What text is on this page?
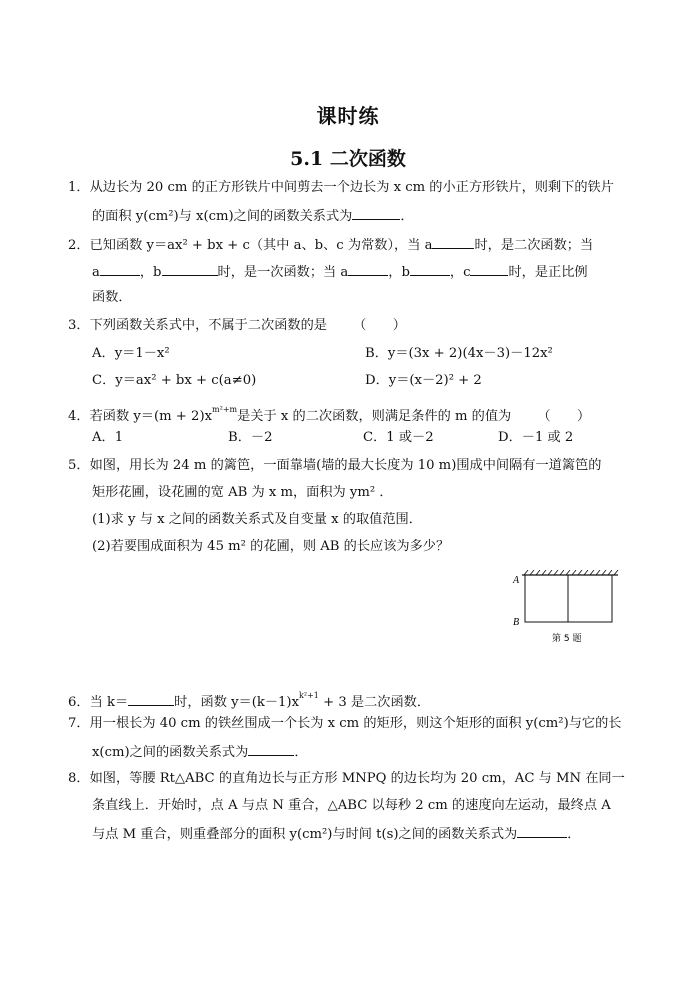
课时练
5.1 二次函数
1．从边长为 20 cm 的正方形铁片中间剪去一个边长为 x cm 的小正方形铁片，则剩下的铁片
的面积 y(cm²)与 x(cm)之间的函数关系式为	．
2．已知函数 y＝ax² + bx + c（其中 a、b、c 为常数），当 a	时，是二次函数；当
a	，b	时，是一次函数；当 a	，b	，c	时，是正比例
函数．
3．下列函数关系式中，不属于二次函数的是 （　　）
A．y＝1－x²	B．y＝(3x + 2)(4x－3)－12x²
C．y＝ax² + bx + c(a≠0)	D．y＝(x－2)² + 2
4．若函数 $y=(m + 2)x^{m^2+m}$是关于 x 的二次函数，则满足条件的 m 的值为 （　　）
A．1	B．－2	C．1 或－2	D．－1 或 2
5．如图，用长为 24 m 的篱笆，一面靠墙(墙的最大长度为 10 m)围成中间隔有一道篱笆的
矩形花圃，设花圃的宽 AB 为 x m，面积为 ym² ．
(1)求 y 与 x 之间的函数关系式及自变量 x 的取值范围．
(2)若要围成面积为 45 m² 的花圃，则 AB 的长应该为多少？
A
B
第 5 题
6．当 k＝	时，函数 $y=(k-1)x^{k^2+1} + 3$ 是二次函数．
7．用一根长为 40 cm 的铁丝围成一个长为 x cm 的矩形，则这个矩形的面积 y(cm²)与它的长
x(cm)之间的函数关系式为	．
8．如图，等腰 Rt△ABC 的直角边长与正方形 MNPQ 的边长均为 20 cm，AC 与 MN 在同一
条直线上．开始时，点 A 与点 N 重合，△ABC 以每秒 2 cm 的速度向左运动，最终点 A
与点 M 重合，则重叠部分的面积 y(cm²)与时间 t(s)之间的函数关系式为	．
